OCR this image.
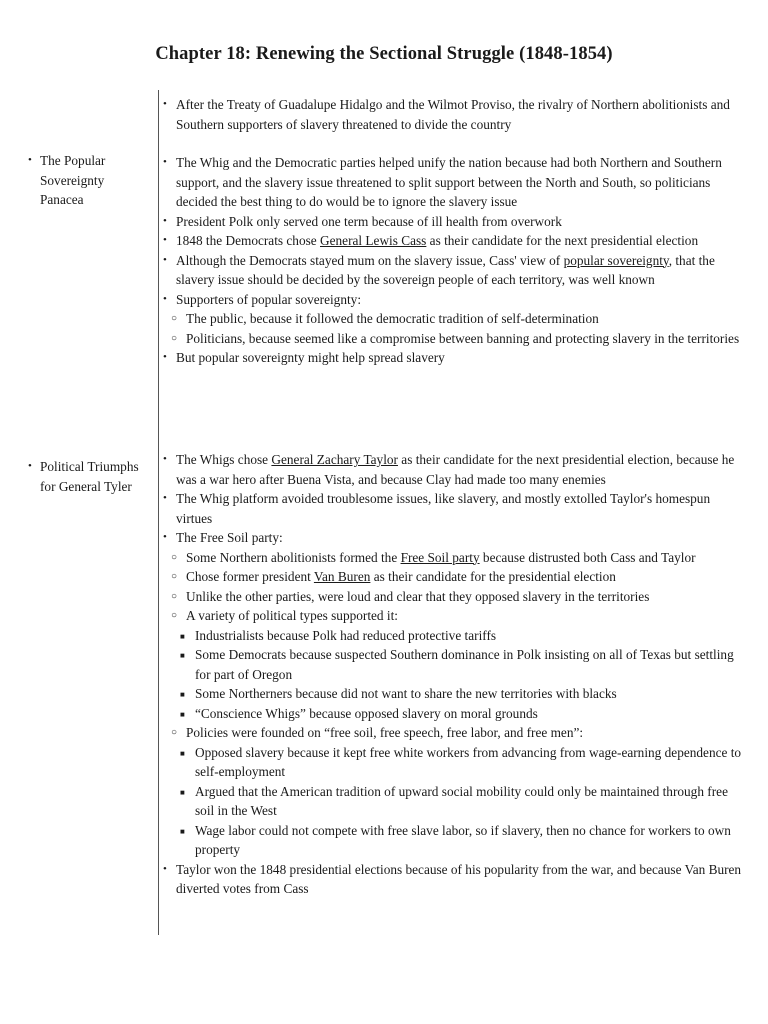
Chapter 18: Renewing the Sectional Struggle (1848-1854)
• After the Treaty of Guadalupe Hidalgo and the Wilmot Proviso, the rivalry of Northern abolitionists and Southern supporters of slavery threatened to divide the country
• The Popular Sovereignty Panacea
• The Whig and the Democratic parties helped unify the nation because had both Northern and Southern support, and the slavery issue threatened to split support between the North and South, so politicians decided the best thing to do would be to ignore the slavery issue
• President Polk only served one term because of ill health from overwork
• 1848 the Democrats chose General Lewis Cass as their candidate for the next presidential election
• Although the Democrats stayed mum on the slavery issue, Cass' view of popular sovereignty, that the slavery issue should be decided by the sovereign people of each territory, was well known
• Supporters of popular sovereignty:
○ The public, because it followed the democratic tradition of self-determination
○ Politicians, because seemed like a compromise between banning and protecting slavery in the territories
• But popular sovereignty might help spread slavery
• Political Triumphs for General Tyler
• The Whigs chose General Zachary Taylor as their candidate for the next presidential election, because he was a war hero after Buena Vista, and because Clay had made too many enemies
• The Whig platform avoided troublesome issues, like slavery, and mostly extolled Taylor's homespun virtues
• The Free Soil party:
○ Some Northern abolitionists formed the Free Soil party because distrusted both Cass and Taylor
○ Chose former president Van Buren as their candidate for the presidential election
○ Unlike the other parties, were loud and clear that they opposed slavery in the territories
○ A variety of political types supported it:
■ Industrialists because Polk had reduced protective tariffs
■ Some Democrats because suspected Southern dominance in Polk insisting on all of Texas but settling for part of Oregon
■ Some Northerners because did not want to share the new territories with blacks
■ “Conscience Whigs” because opposed slavery on moral grounds
○ Policies were founded on “free soil, free speech, free labor, and free men”:
■ Opposed slavery because it kept free white workers from advancing from wage-earning dependence to self-employment
■ Argued that the American tradition of upward social mobility could only be maintained through free soil in the West
■ Wage labor could not compete with free slave labor, so if slavery, then no chance for workers to own property
• Taylor won the 1848 presidential elections because of his popularity from the war, and because Van Buren diverted votes from Cass
